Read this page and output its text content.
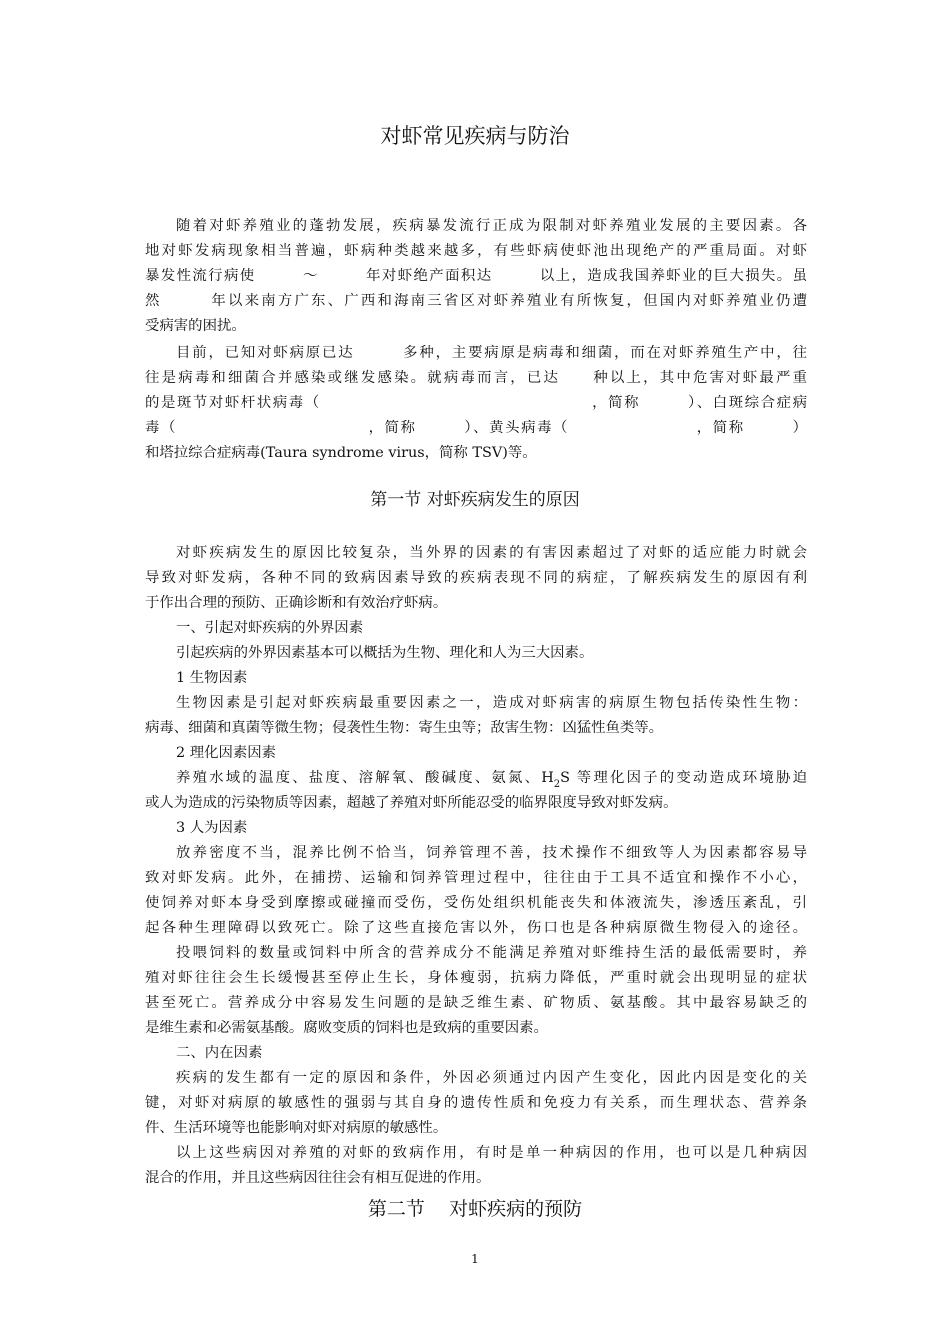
对虾常见疾病与防治
随着对虾养殖业的蓬勃发展，疾病暴发流行正成为限制对虾养殖业发展的主要因素。各
地对虾发病现象相当普遍，虾病种类越来越多，有些虾病使虾池出现绝产的严重局面。对虾
暴发性流行病使　　　～　　　年对虾绝产面积达　　　以上，造成我国养虾业的巨大损失。虽
然　　　年以来南方广东、广西和海南三省区对虾养殖业有所恢复，但国内对虾养殖业仍遭
受病害的困扰。
目前，已知对虾病原已达　　　多种，主要病原是病毒和细菌，而在对虾养殖生产中，往
往是病毒和细菌合并感染或继发感染。就病毒而言，已达　　种以上，其中危害对虾最严重
的是斑节对虾杆状病毒（　　　　　　　　　　　　　　　　　，简称　　　）、白斑综合症病
毒（　　　　　　　　　　　　，简称　　　）、黄头病毒（　　　　　　　　，简称　　　）
和塔拉综合症病毒(Taura syndrome virus，简称 TSV)等。
第一节 对虾疾病发生的原因
对虾疾病发生的原因比较复杂，当外界的因素的有害因素超过了对虾的适应能力时就会
导致对虾发病，各种不同的致病因素导致的疾病表现不同的病症，了解疾病发生的原因有利
于作出合理的预防、正确诊断和有效治疗虾病。
一、引起对虾疾病的外界因素
引起疾病的外界因素基本可以概括为生物、理化和人为三大因素。
1 生物因素
生物因素是引起对虾疾病最重要因素之一，造成对虾病害的病原生物包括传染性生物：
病毒、细菌和真菌等微生物；侵袭性生物：寄生虫等；敌害生物：凶猛性鱼类等。
2 理化因素因素
养殖水域的温度、盐度、溶解氧、酸碱度、氨氮、$H_2S$ 等理化因子的变动造成环境胁迫
或人为造成的污染物质等因素，超越了养殖对虾所能忍受的临界限度导致对虾发病。
3 人为因素
放养密度不当，混养比例不恰当，饲养管理不善，技术操作不细致等人为因素都容易导
致对虾发病。此外，在捕捞、运输和饲养管理过程中，往往由于工具不适宜和操作不小心，
使饲养对虾本身受到摩擦或碰撞而受伤，受伤处组织机能丧失和体液流失，渗透压紊乱，引
起各种生理障碍以致死亡。除了这些直接危害以外，伤口也是各种病原微生物侵入的途径。
投喂饲料的数量或饲料中所含的营养成分不能满足养殖对虾维持生活的最低需要时，养
殖对虾往往会生长缓慢甚至停止生长，身体瘦弱，抗病力降低，严重时就会出现明显的症状
甚至死亡。营养成分中容易发生问题的是缺乏维生素、矿物质、氨基酸。其中最容易缺乏的
是维生素和必需氨基酸。腐败变质的饲料也是致病的重要因素。
二、内在因素
疾病的发生都有一定的原因和条件，外因必须通过内因产生变化，因此内因是变化的关
键，对虾对病原的敏感性的强弱与其自身的遗传性质和免疫力有关系，而生理状态、营养条
件、生活环境等也能影响对虾对病原的敏感性。
以上这些病因对养殖的对虾的致病作用，有时是单一种病因的作用，也可以是几种病因
混合的作用，并且这些病因往往会有相互促进的作用。
第二节    对虾疾病的预防
1
